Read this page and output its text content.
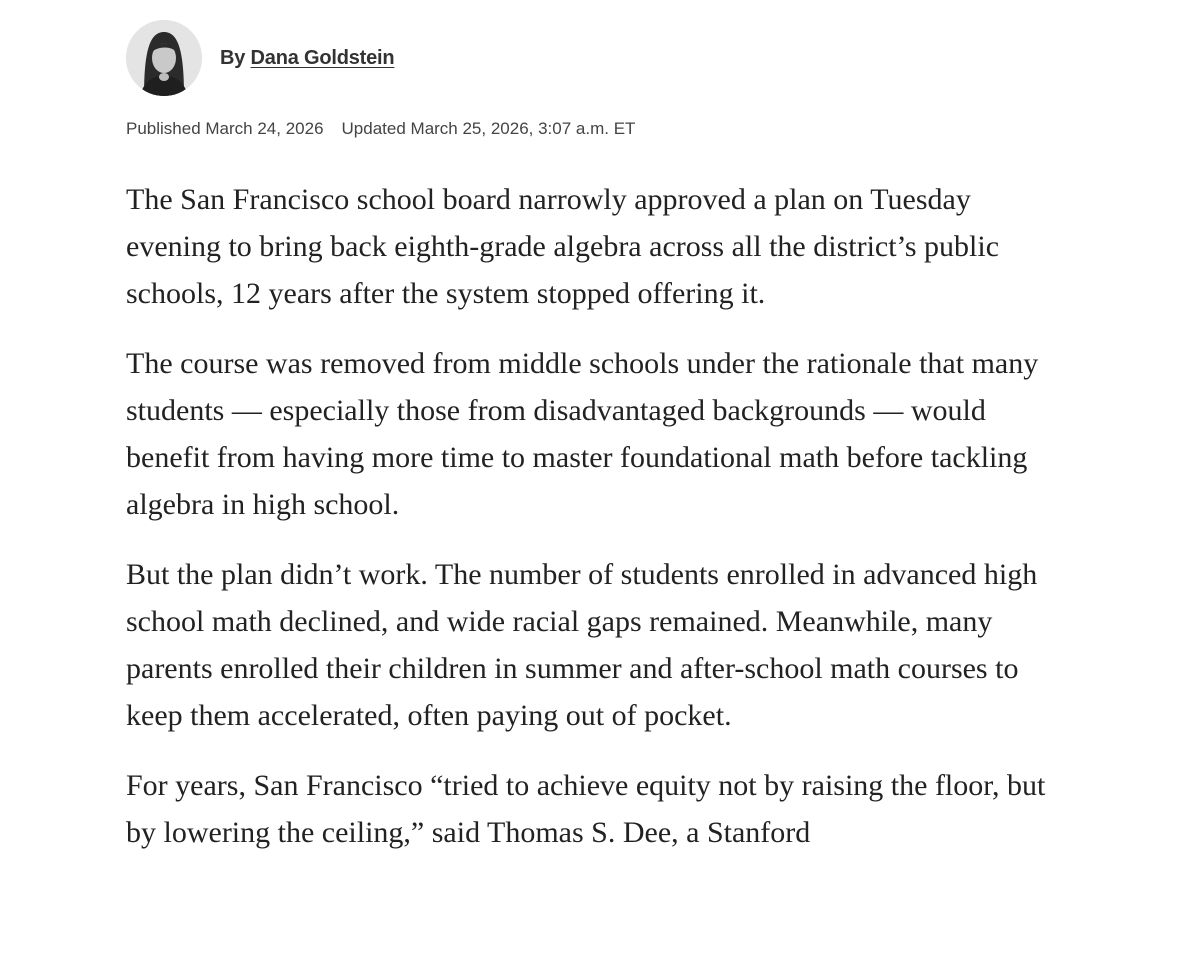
By Dana Goldstein
Published March 24, 2026 Updated March 25, 2026, 3:07 a.m. ET

The San Francisco school board narrowly approved a plan on Tuesday evening to bring back eighth-grade algebra across all the district’s public schools, 12 years after the system stopped offering it.

The course was removed from middle schools under the rationale that many students — especially those from disadvantaged backgrounds — would benefit from having more time to master foundational math before tackling algebra in high school.

But the plan didn’t work. The number of students enrolled in advanced high school math declined, and wide racial gaps remained. Meanwhile, many parents enrolled their children in summer and after-school math courses to keep them accelerated, often paying out of pocket.

For years, San Francisco “tried to achieve equity not by raising the floor, but by lowering the ceiling,” said Thomas S. Dee, a Stanford
